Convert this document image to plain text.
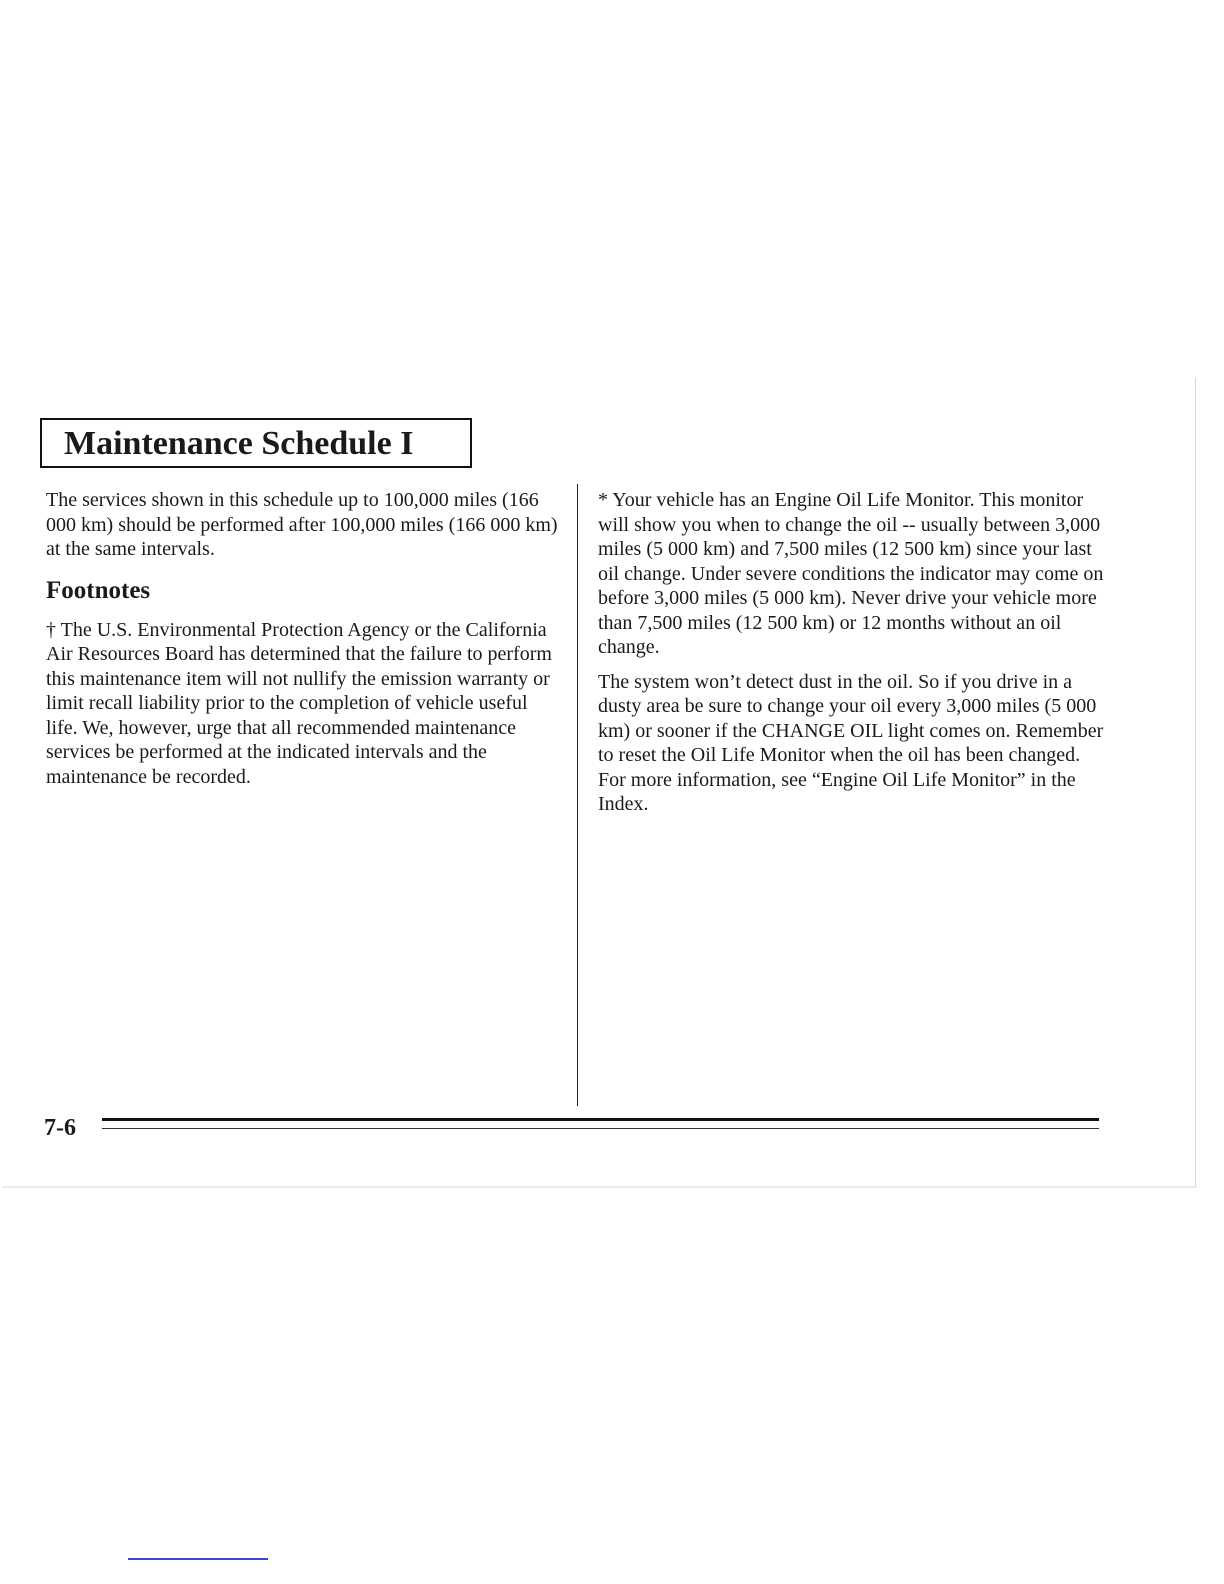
Maintenance Schedule I

The services shown in this schedule up to 100,000 miles (166 000 km) should be performed after 100,000 miles (166 000 km) at the same intervals.

Footnotes

† The U.S. Environmental Protection Agency or the California Air Resources Board has determined that the failure to perform this maintenance item will not nullify the emission warranty or limit recall liability prior to the completion of vehicle useful life. We, however, urge that all recommended maintenance services be performed at the indicated intervals and the maintenance be recorded.

* Your vehicle has an Engine Oil Life Monitor. This monitor will show you when to change the oil -- usually between 3,000 miles (5 000 km) and 7,500 miles (12 500 km) since your last oil change. Under severe conditions the indicator may come on before 3,000 miles (5 000 km). Never drive your vehicle more than 7,500 miles (12 500 km) or 12 months without an oil change.

The system won’t detect dust in the oil. So if you drive in a dusty area be sure to change your oil every 3,000 miles (5 000 km) or sooner if the CHANGE OIL light comes on. Remember to reset the Oil Life Monitor when the oil has been changed. For more information, see “Engine Oil Life Monitor” in the Index.

7-6
